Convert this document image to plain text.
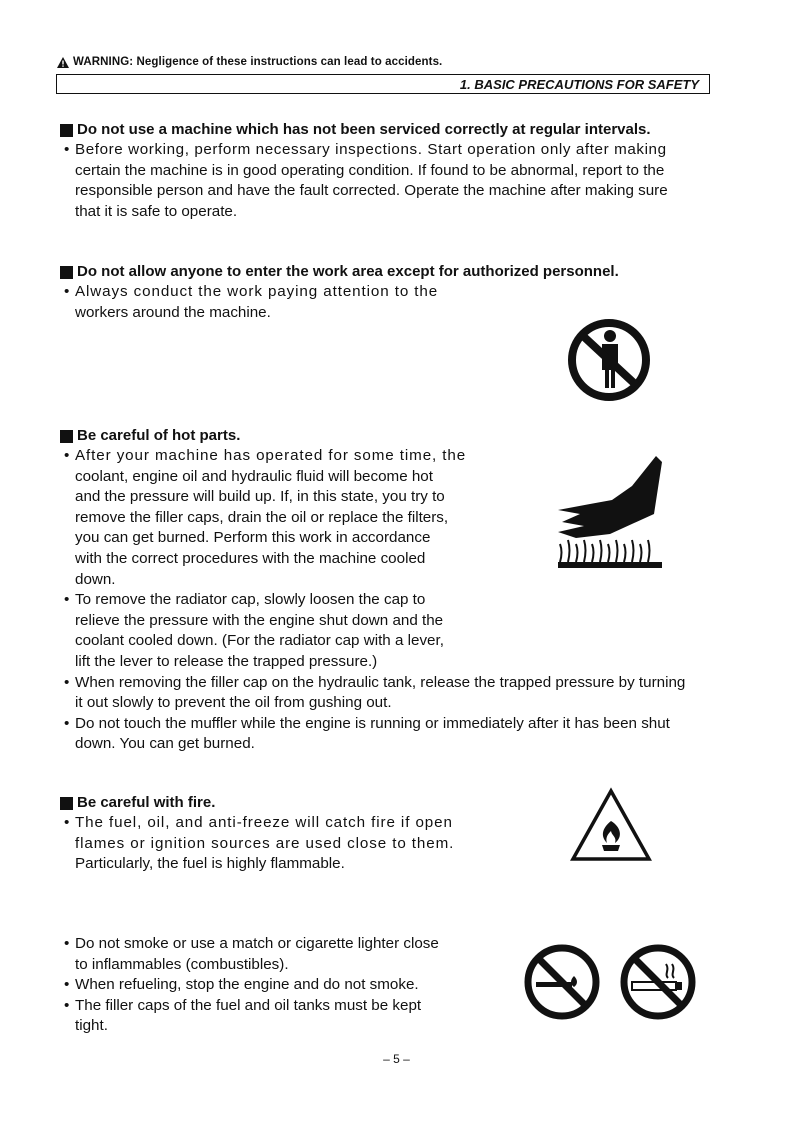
WARNING: Negligence of these instructions can lead to accidents.
1. BASIC PRECAUTIONS FOR SAFETY
Do not use a machine which has not been serviced correctly at regular intervals.
• Before working, perform necessary inspections. Start operation only after making
certain the machine is in good operating condition. If found to be abnormal, report to the
responsible person and have the fault corrected. Operate the machine after making sure
that it is safe to operate.
Do not allow anyone to enter the work area except for authorized personnel.
• Always conduct the work paying attention to the
workers around the machine.
Be careful of hot parts.
• After your machine has operated for some time, the
coolant, engine oil and hydraulic fluid will become hot
and the pressure will build up. If, in this state, you try to
remove the filler caps, drain the oil or replace the filters,
you can get burned. Perform this work in accordance
with the correct procedures with the machine cooled
down.
• To remove the radiator cap, slowly loosen the cap to
relieve the pressure with the engine shut down and the
coolant cooled down. (For the radiator cap with a lever,
lift the lever to release the trapped pressure.)
• When removing the filler cap on the hydraulic tank, release the trapped pressure by turning
it out slowly to prevent the oil from gushing out.
• Do not touch the muffler while the engine is running or immediately after it has been shut
down. You can get burned.
Be careful with fire.
• The fuel, oil, and anti-freeze will catch fire if open
flames or ignition sources are used close to them.
Particularly, the fuel is highly flammable.
• Do not smoke or use a match or cigarette lighter close
to inflammables (combustibles).
• When refueling, stop the engine and do not smoke.
• The filler caps of the fuel and oil tanks must be kept
tight.
– 5 –
